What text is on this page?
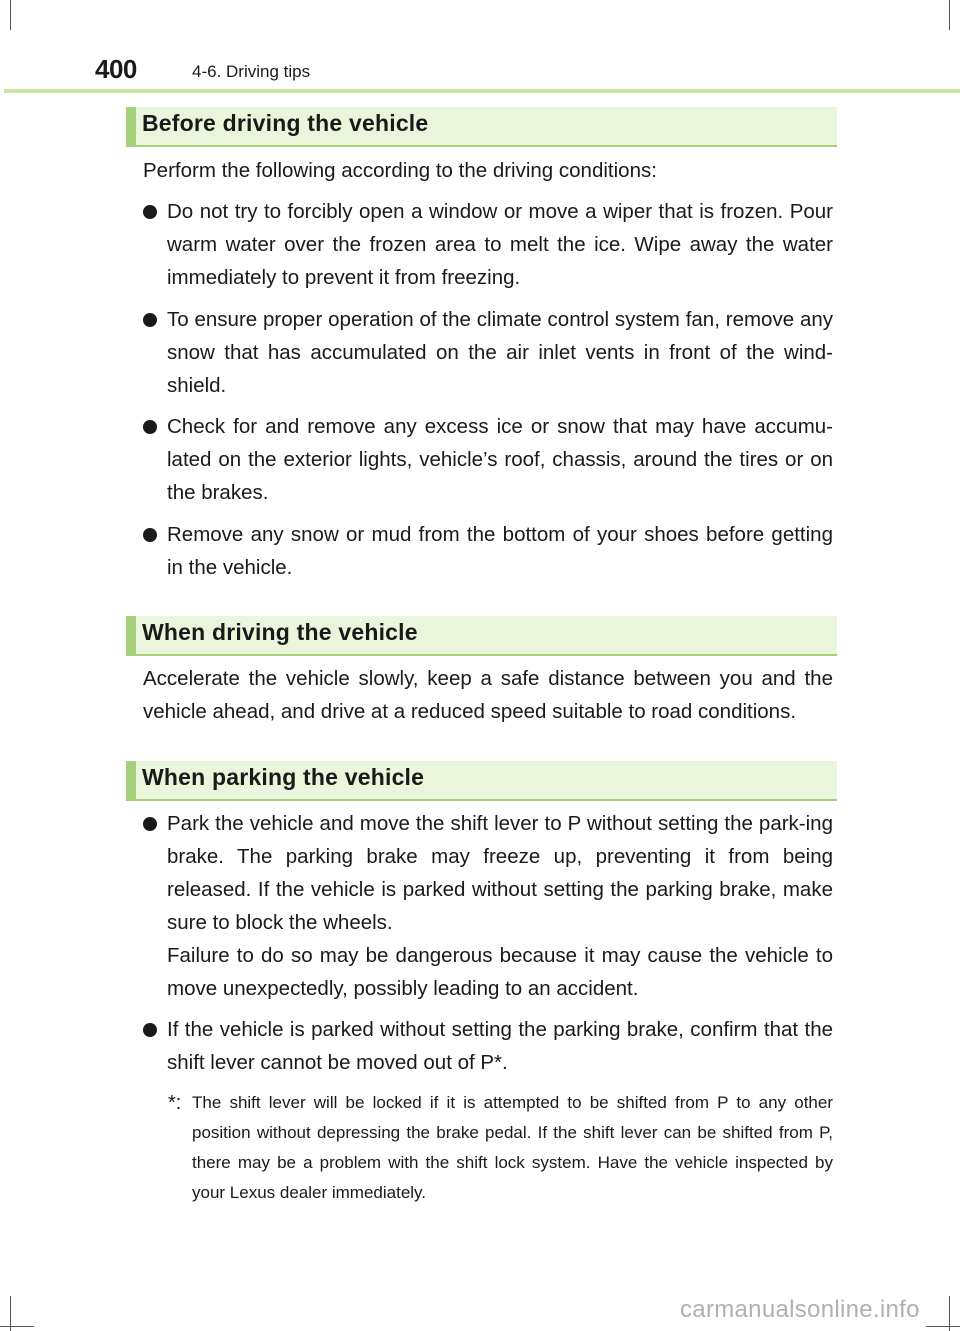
400	4-6. Driving tips
Before driving the vehicle
Perform the following according to the driving conditions:
Do not try to forcibly open a window or move a wiper that is frozen. Pour warm water over the frozen area to melt the ice. Wipe away the water immediately to prevent it from freezing.
To ensure proper operation of the climate control system fan, remove any snow that has accumulated on the air inlet vents in front of the wind-shield.
Check for and remove any excess ice or snow that may have accumu-lated on the exterior lights, vehicle’s roof, chassis, around the tires or on the brakes.
Remove any snow or mud from the bottom of your shoes before getting in the vehicle.
When driving the vehicle
Accelerate the vehicle slowly, keep a safe distance between you and the vehicle ahead, and drive at a reduced speed suitable to road conditions.
When parking the vehicle
Park the vehicle and move the shift lever to P without setting the park-ing brake. The parking brake may freeze up, preventing it from being released. If the vehicle is parked without setting the parking brake, make sure to block the wheels.
Failure to do so may be dangerous because it may cause the vehicle to move unexpectedly, possibly leading to an accident.
If the vehicle is parked without setting the parking brake, confirm that the shift lever cannot be moved out of P*.
*: The shift lever will be locked if it is attempted to be shifted from P to any other position without depressing the brake pedal. If the shift lever can be shifted from P, there may be a problem with the shift lock system. Have the vehicle inspected by your Lexus dealer immediately.
carmanualsonline.info
